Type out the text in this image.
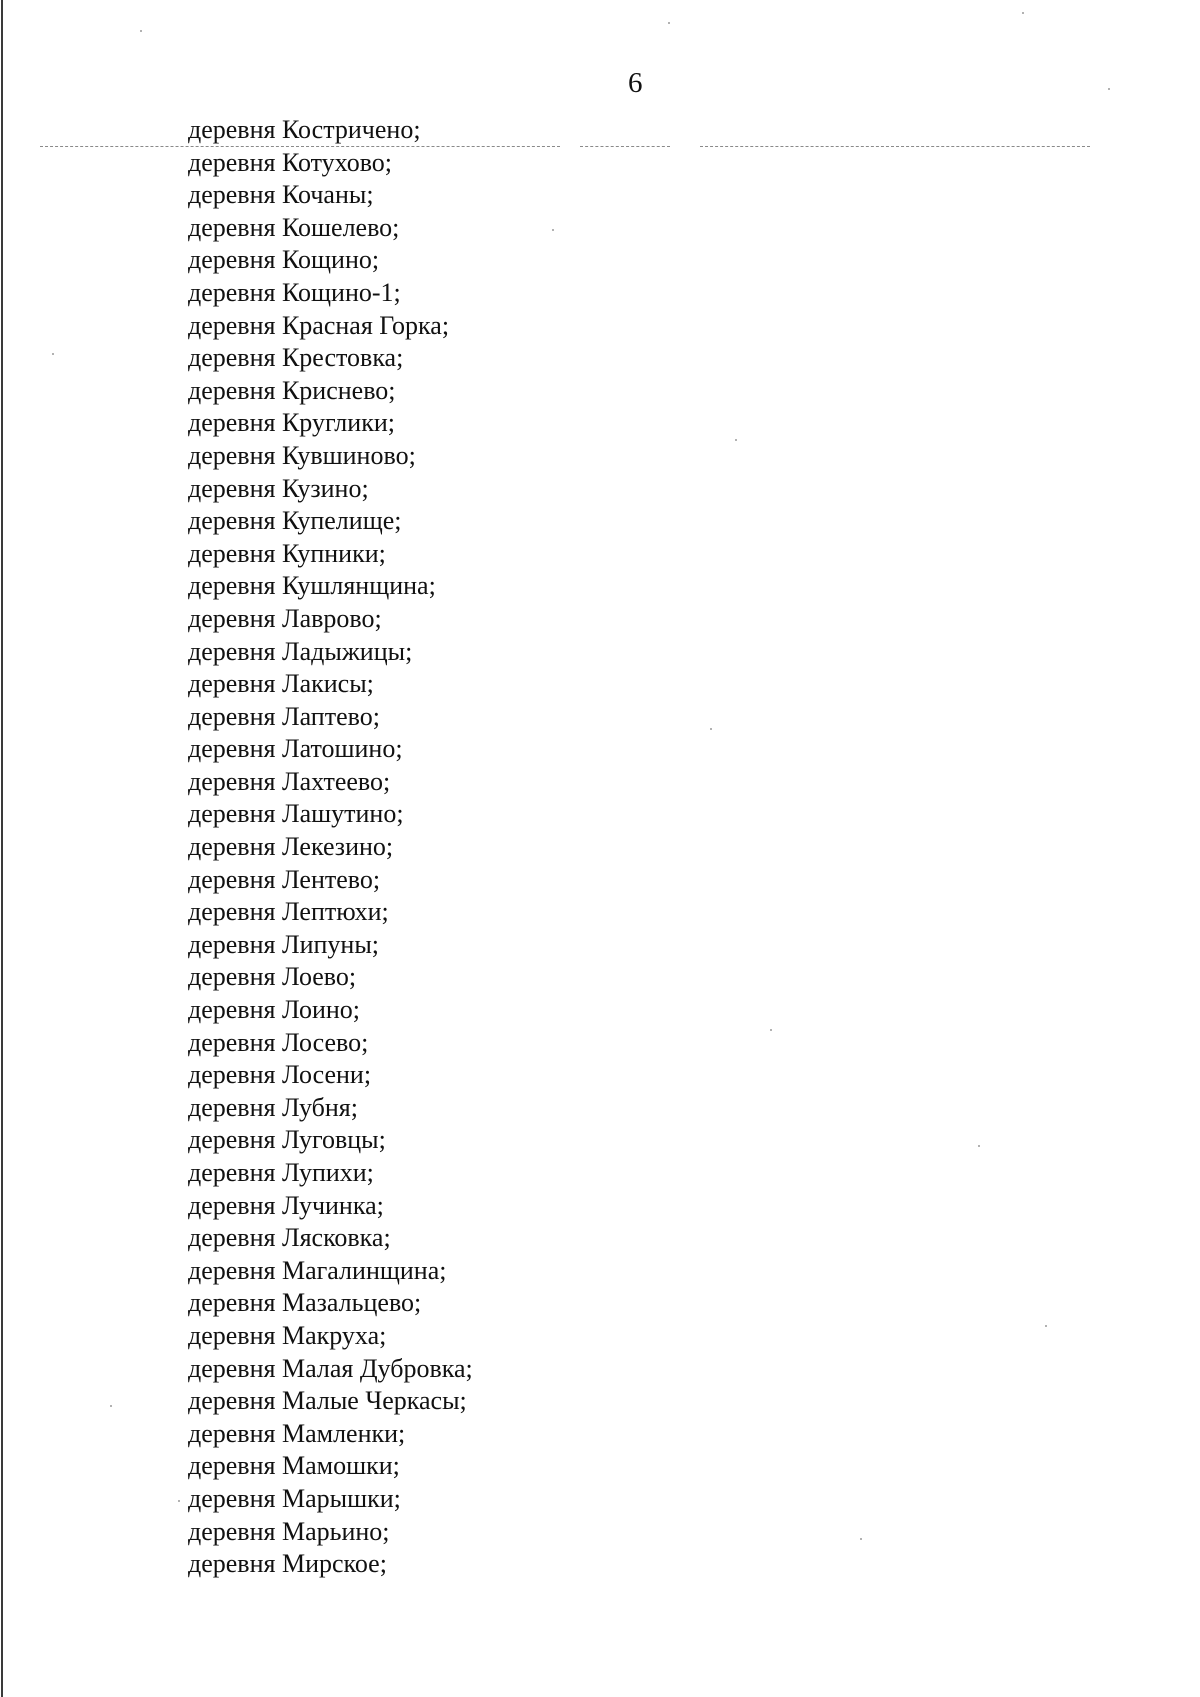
6
деревня Костричено;
деревня Котухово;
деревня Кочаны;
деревня Кошелево;
деревня Кощино;
деревня Кощино-1;
деревня Красная Горка;
деревня Крестовка;
деревня Криснево;
деревня Круглики;
деревня Кувшиново;
деревня Кузино;
деревня Купелище;
деревня Купники;
деревня Кушлянщина;
деревня Лаврово;
деревня Ладыжицы;
деревня Лакисы;
деревня Лаптево;
деревня Латошино;
деревня Лахтеево;
деревня Лашутино;
деревня Лекезино;
деревня Лентево;
деревня Лептюхи;
деревня Липуны;
деревня Лоево;
деревня Лоино;
деревня Лосево;
деревня Лосени;
деревня Лубня;
деревня Луговцы;
деревня Лупихи;
деревня Лучинка;
деревня Лясковка;
деревня Магалинщина;
деревня Мазальцево;
деревня Макруха;
деревня Малая Дубровка;
деревня Малые Черкасы;
деревня Мамленки;
деревня Мамошки;
деревня Марышки;
деревня Марьино;
деревня Мирское;
